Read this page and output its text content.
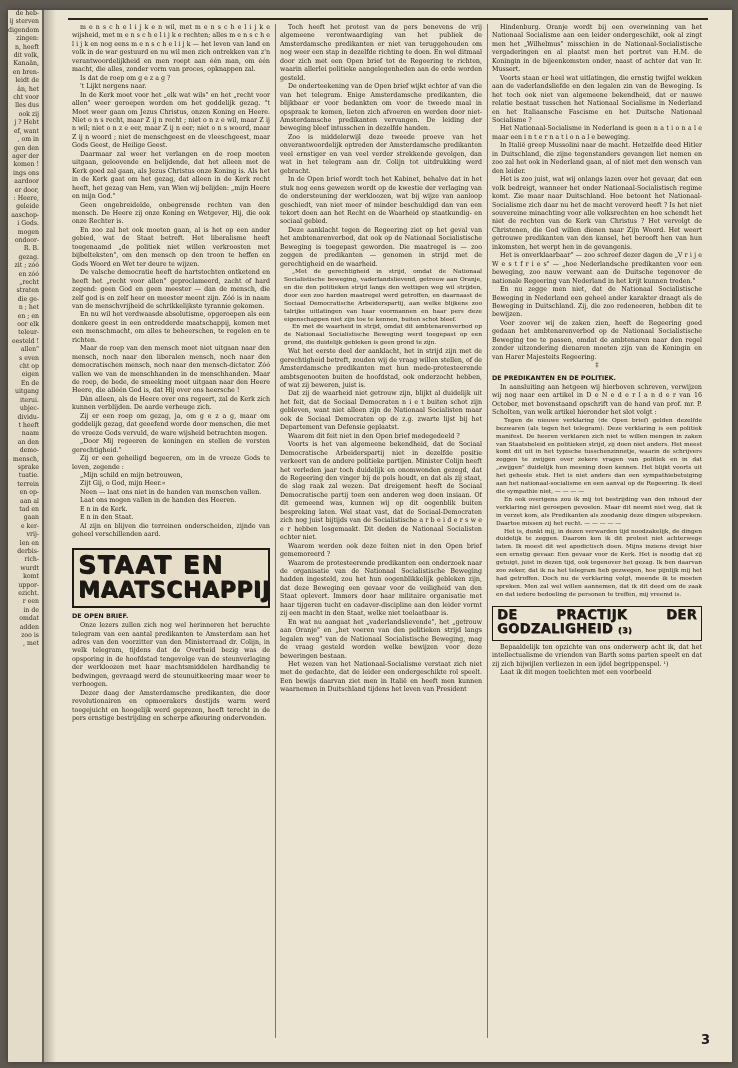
de heb-

ij sterven

digendom

zingen:

n, heeft

dit volk,

Kanaän,

en bren-

leidt de

ân, het

cht voor

lles dus

ook zij

j ? Hebt

ef, want

, om in

gen den

ager der

komen !

ings ons

aardoor

er door,

: Heere,

geleide

aaschop-

i Gods.

mogen

ondoor-

R. B.

gezag.

zit ; zóó

en zóó

„recht

straten

die ge-

n ; het

en ; en

oor elk

teleur-

eesteld !

allen"

s even

cht op

eigen

En de

uitgang

iterui.

ubjec-

dividu-

t heeft

naam

an den

demo-

mensch,

sprake

tuatie.

terrein

en op-

aan al

tad en

gaan

e ker-

vrij-

len en

derbis-

rich-

wurdt

komt

uppor-

ezicht.

r een

in de

omdat

adden

zoo is

, met

m e n s c h e l i j k e n wil, met m e n s c h e l i j k e wijsheid, met m e n s c h e l i j k e rechten; alles m e n s c h e l i j k en nog eens m e n s c h e l i j k — het leven van land en volk in de war gestuurd en nu wil men zich ontrekken van z'n verantwoordelijkheid en men roept aan één man, om één macht, die alles, zonder vorm van proces, opknappen zal.

Is dat de roep om g e z a g ?

't Lijkt nergens naar.

In de Kerk moet voor het „elk wat wils" en het „recht voor allen" weer geroepen worden om het goddelijk gezag. "t Moet weer gaan om Jezus Christus, onzen Koning en Heere. Niet o n s recht, maar Z ij n recht ; niet o n z e wil, maar Z ij n wil; niet o n z e eer, maar Z ij n eer; niet o n s woord, maar Z ij n woord ; niet de menschgeest en de vleeschgeest, maar Gods Geest, de Heilige Geest.

Daarmaar zal weer het verlangen en de roep moeten uitgaan, geloovende en belijdende, dat het alleen met de Kerk goed zal gaan, als Jezus Christus onze Koning is. Als het in de Kerk gaat om het gezag, dat alleen in de Kerk recht heeft, het gezag van Hem, van Wien wij belijden: „mijn Heere en mijn God."

Geen ongebreidelde, onbegrensde rechten van den mensch. De Heere zij onze Koning en Wetgever, Hij, die ook onze Rechter is.

En zoo zal het ook moeten gaan, al is het op een ander gebied, wat de Staat betreft. Het liberalisme heeft toegenaamd „de politiek niet willen verkroosten met bijbelteksten", om den mensch op den troon te heffen en Gods Woord en Wet ter deure te wijzen.

De valsche democratie heeft de hartstochten ontketend en heeft het „recht voor allen" geproclameerd, zacht of hard zegend: geen God en geen meester — dan de mensch, die zelf god is en zelf heer en meester meent zijn. Zóó is in naam van de menschvrijheid de schrikkelijkste tyrannie gekomen.

En nu wil het verdwaasde absolutisme, opgeroepen als een donkere geest in een ontredderde maatschappij, komen met een menschmacht, om alles te beheerschen, te regelen en te richten.

Maar de roep van den mensch moet niet uitgaan naar den mensch, noch naar den liberalen mensch, noch naar den democratischen mensch, noch naar den mensch-dictator. Zóó vallen we van de menschhanden in de menschhanden. Maar de roep, de bede, de smeeking moet uitgaan naar den Heere Heere, die alléén God is, dat Hij over ons heersche !

Dàn alleen, als de Heere over ons regeert, zal de Kerk zich kunnen verblijden. De aarde verheuge zich.

Zij er een roep om gezag, ja, om g e z a g, maar om goddelijk gezag, dat geeefend worde door menschen, die met de vreeze Gods vervuld, de ware wijsheid betrachten mogen.

„Door Mij regeeren de koningen en stellen de vorsten gerechtigheid."

Zij er een geheiligd begeeren, om in de vreeze Gods te leven, zegende :

„Mijn schild en mijn betrouwen,

Zijt Gij, o God, mijn Heer.«

Neen — laat ons niet in de handen van menschen vallen.

Laat ons mogen vallen in de handen des Heeren.

E n in de Kerk.

E n in den Staat.

Al zijn en blijven die terreinen onderscheiden, zijnde van geheel verschillenden aard.

STAAT EN
MAATSCHAPPIJ
DE OPEN BRIEF.

Onze lezers zullen zich nog wel herinneren het beruchte telegram van een aantal predikanten te Amsterdam aan het adres van den voorzitter van den Ministerraad dr. Colijn, in welk telegram, tijdens dat de Overheid bezig was de opsporing in de hoofdstad tengevolge van de steunverlaging der werkloozen met haar machtsmiddelen hardhandig te bedwingen, gevraagd werd de steunuitkeering maar weer te verhoogen.

Dezer daag der Amsterdamsche predikanten, die door revolutionairen en opmoerakers destijds warm werd toegejuicht en hoogelijk werd geprezen, heeft terecht in de pers ernstige bestrijding en scherpe afkeuring ondervonden.

Toch heeft het protest van de pers benevens de vrij algemeene verontwaardiging van het publiek de Amsterdamsche predikanten er niet van teruggehouden om nog weer een stap in dezelfde richting te doen. En wel ditmaal door zich met een Open brief tot de Regeering te richten, waarin allerlei politieke aangelegenheden aan de orde worden gesteld.

De onderteekening van de Open brief wijkt echter af van die van het telegram. Enige Amsterdamsche predikanten, die blijkbaar er voor bedankten om voor de tweede maal in opspraak te komen, lieten zich afvoeren en werden door niet-Amsterdamsche predikanten vervangen. De leiding der beweging bleef intusschen in dezelfde handen.

Zoo is middelerwijl deze tweede proeve van het onverantwoordelijk optreden der Amsterdamsche predikanten veel ernstiger en van veel verder strekkende gevolgen, dan wat in het telegram aan dr. Colijn tot uitdrukking werd gebracht.

In de Open brief wordt toch het Kabinet, behalve dat in het stuk nog eens gewezen wordt op de kwestie der verlaging van de ondersteuning der werkloozen, wat bij wijze van aanloop geschiedt, van niet meer of minder beschuldigd dan van een tekort doen aan het Recht en de Waarheid op staatkundig- en sociaal gebied.

Deze aanklacht tegen de Regeering ziet op het geval van het ambtenarenverbod, dat ook op de Nationaal Socialistische Beweging is toegepast geworden. Die maatregel is — zoo zeggen de predikanten — genomen in strijd met de gerechtigheid en de waarheid.

„Met de gerechtigheid in strijd, omdat de Nationaal Socialistische beweging, vaderlandslievend, getrouw aan Oranje, en die den politieken strijd langs den wettigen weg wil strijden, door een zoo harden maatregel werd getroffen, en daarnaast de Sociaal Democratische Arbeiderspartij, aan welke blijkens zoo talrijke uitlatingen van haar voormannen en haar pers deze eigenschappen niet zijn toe te kennen, buiten schot bleef.

En met de waarheid in strijd, omdat dit ambtenarenverbod op de Nationaal Socialistische Beweging werd toegepast op een grond, die duidelijk gebleken is geen grond te zijn.

Wat het eerste deel der aanklacht, het in strijd zijn met de gerechtigheid betreft, zouden wij de vraag willen stellen, of de Amsterdamsche predikanten met hun mede-protesteerende ambtsgenooten buiten de hoofdstad, ook onderzocht hebben, of wat zij beweren, juist is.

Dat zij de waarheid niet getrouw zijn, blijkt al duidelijk uit het feit, dat de Sociaal Democraten n i e t buiten schot zijn gebleven, want niet alleen zijn de Nationaal Socialisten maar ook de Sociaal Democraten op de z.g. zwarte lijst bij het Departement van Defensie geplaatst.

Waarom dit feit niet in den Open brief medegedeeld ?

Voorts is het van algemeene bekendheid, dat de Sociaal Democratische Arbeiderspartij niet in dezelfde positie verkeert van de andere politieke partijen. Minister Colijn heeft het verleden jaar toch duidelijk en onomwonden gezegd, dat de Regeering den vinger bij de pols houdt, en dat als zij staat, de slag raak zal wezen. Dat dreigement heeft de Sociaal Democratische partij toen een anderen weg doen insiaan. Of dit gemeend was, kunnen wij op dit oogenblik buiten bespreking laten. Wel staat vast, dat de Sociaal-Democraten zich nog juist bijtijds van de Socialistische a r b e i d e r s w e e r hebben losgemaakt. Dit deden de Nationaal Socialisten echter niet.

Waarom werden ook deze feiten niet in den Open brief gememoreerd ?

Waarom de protesteerende predikanten een onderzoek naar de organisatie van de Nationaal Socialistische Beweging hadden ingesteld, zou het hun oogenblikkelijk gebleken zijn, dat deze Beweging een gevaar voor de veiligheid van den Staat oplevert. Immers door haar militaire organisatie met haar tijgeren tucht en cadaver-discipline aan den leider vormt zij een macht in den Staat, welke niet toelaatbaar is.

En wat nu aangaat het „vaderlandslievende", het „getrouw aan Oranje" en „het voeren van den politieken strijd langs legalen weg" van de Nationaal Socialistische Beweging, mag de vraag gesteld worden welke bewijzen voor deze beweringen bestaan.

Het wezen van het Nationaal-Socialisme verstaat zich niet met de gedachte, dat de leider een ondergeschikte rol speelt. Een bewijs daarvan ziet men in Italië en heeft men kunnen waarnemen in Duitschland tijdens het leven van President

Hindenburg. Oranje wordt bij een overwinning van het Nationaal Socialisme aan een leider ondergeschikt, ook al zingt men het „Wilhelmus" misschien in de Nationaal-Socialistische vergaderingen en al plaatst men het portret van H.M. de Koningin in de bijeenkomsten onder, naast of achter dat van Ir. Mussert.

Voorts staan er heel wat uitlatingen, die ernstig twijfel wekken aan de vaderlandsliefde en den legalen zin van de Beweging. Is het toch ook niet van algemeene bekendheid, dat er nauwe relatie bestaat tusschen het Nationaal Socialisme in Nederland en het Italiaansche Fascisme en het Duitsche Nationaal Socialisme ?

Het Nationaal-Socialisme in Nederland is geen n a t i o n a l e maar een i n t e r n a t i o n a l e beweging.

In Italië greep Mussolini naar de macht. Hetzelfde deed Hitler in Duitschland, die zijne tegenstanders gevangen liet nemen en zoo zal het ook in Nederland gaan, al of niet met den wensch van den leider.

Het is zoo juist, wat wij onlangs lazen over het gevaar, dat een volk bedreigt, wanneer het onder Nationaal-Socialistisch regime komt. Zie maar naar Duitschland. Hoe betoont het Nationaal-Socialisme zich daar nu het de macht veroverd heeft ? Is het niet souvereine minachting voor alle volksrechten en hoe schendt het niet de rechten van de Kerk van Christus ? Het vervolgt de Christenen, die God willen dienen naar Zijn Woord. Het weert getrouwe predikanten van den kansel, het berooft hen van hun inkomsten, het werpt hen in de gevangenis.

Het is onverklaarbaar" — zoo schreef dezer dagen de „V r i j e W e s t f r i e s" — „hoe Nederlandsche predikanten voor een beweging, zoo nauw verwant aan de Duitsche tegenover de nationale Regeering van Nederland in het krijt kunnen treden."

En nu zegge men niet, dat de Nationaal Socialistische Beweging in Nederland een geheel ander karakter draagt als de Beweging in Duitschland. Zij, die zoo redeneeren, hebben dit te bewijzen.

Voor zoover wij de zaken zien, heeft de Regeering goed gedaan het ambtenarenverbod op de Nationaal Socialistische Beweging toe te passen, omdat de ambtenaren naar den regel zonder uitzondering dienaren moeten zijn van de Koningin en van Harer Majesteits Regeering.

‡

DE PREDIKANTEN EN DE POLITIEK.

In aansluiting aan hetgeen wij hierboven schreven, verwijzen wij nog naar een artikel in D e N e d e r l a n d e r van 16 October, met bovenstaand opschrift van de hand van prof. mr. P. Scholten, van welk artikel hieronder het slot volgt :

Tegen de nieuwe verklaring (de Open brief) gelden dezelfde bezwaren (als tegen het telegram). Deze verklaring is een politiek manifest. De heeren verklaren zich niet te willen mengen in zaken van Staatsbeleid en politieken strijd, zij doen niet anders. Het meest komt dit uit in het typische tusschenzinnetje, waarin de schrijvers zeggen te zwijgen over zekere vragen van politiek en in dat „zwijgen" duidelijk hun meening doen kennen. Het blijkt voorts uit het geheele stuk. Het is niet anders dan een sympathiebetuiging aan het nationaal-socialisme en een aanval op de Regeering. Ik deel die sympathie niet, — — — —

En ook overigens zou ik mij tot bestrijding van den inhoud der verklaring niet geroepen gevoelen. Maar dit neemt niet weg, dat ik in verzet kom, als Predikanten als zoodanig deze dingen uitspreken. Daartoe missen zij het recht. — — — — —

Het is, dunkt mij, in dezen verwarden tijd noodzakelijk, de dingen duidelijk te zeggen. Daarom kon ik dit protest niet achterwege laten. Ik moest dit wel apodictisch doen. Mijns inziens dreigt hier een ernstig gevaar. Een gevaar voor de Kerk. Het is noodig dat zij getuigt, juist in dezen tijd, ook tegenover het gezag. Ik ben daarvan zoo zeker, dat ik na het telegram heb gezwegen, hoe pijnlijk mij het had getroffen. Doch nu de verklaring volgt, meende ik te moeten spreken. Men zal wel willen aannemen, dat ik dit deed om de zaak en dat iedere bedoeling de personen te treffen, mij vreemd is.

DE PRACTIJK DER GODZALIGHEID (3)

Bepaaldelijk ten opzichte van ons onderwerp acht ik, dat het intellectualisme de vrienden van Barth soms parten speelt en dat zij zich bijwijlen verliezen in een ijdel begrippenspel. ¹)

Laat ik dit mogen toelichten met een voorbeeld

3
